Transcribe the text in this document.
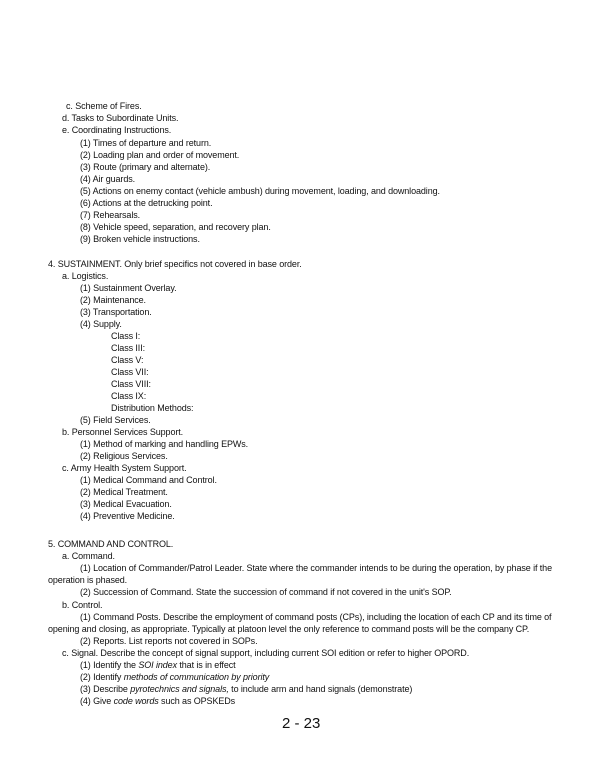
c. Scheme of Fires.
d. Tasks to Subordinate Units.
e. Coordinating Instructions.
(1) Times of departure and return.
(2) Loading plan and order of movement.
(3) Route (primary and alternate).
(4) Air guards.
(5) Actions on enemy contact (vehicle ambush) during movement, loading, and downloading.
(6) Actions at the detrucking point.
(7) Rehearsals.
(8) Vehicle speed, separation, and recovery plan.
(9) Broken vehicle instructions.
4. SUSTAINMENT. Only brief specifics not covered in base order.
a. Logistics.
(1) Sustainment Overlay.
(2) Maintenance.
(3) Transportation.
(4) Supply.
Class I:
Class III:
Class V:
Class VII:
Class VIII:
Class IX:
Distribution Methods:
(5) Field Services.
b. Personnel Services Support.
(1) Method of marking and handling EPWs.
(2) Religious Services.
c. Army Health System Support.
(1) Medical Command and Control.
(2) Medical Treatment.
(3) Medical Evacuation.
(4) Preventive Medicine.
5. COMMAND AND CONTROL.
a. Command.
(1) Location of Commander/Patrol Leader. State where the commander intends to be during the operation, by phase if the
operation is phased.
(2) Succession of Command. State the succession of command if not covered in the unit's SOP.
b. Control.
(1) Command Posts. Describe the employment of command posts (CPs), including the location of each CP and its time of
opening and closing, as appropriate. Typically at platoon level the only reference to command posts will be the company CP.
(2) Reports. List reports not covered in SOPs.
c. Signal. Describe the concept of signal support, including current SOI edition or refer to higher OPORD.
(1) Identify the SOI index that is in effect
(2) Identify methods of communication by priority
(3) Describe pyrotechnics and signals, to include arm and hand signals (demonstrate)
(4) Give code words such as OPSKEDs
2 - 23
